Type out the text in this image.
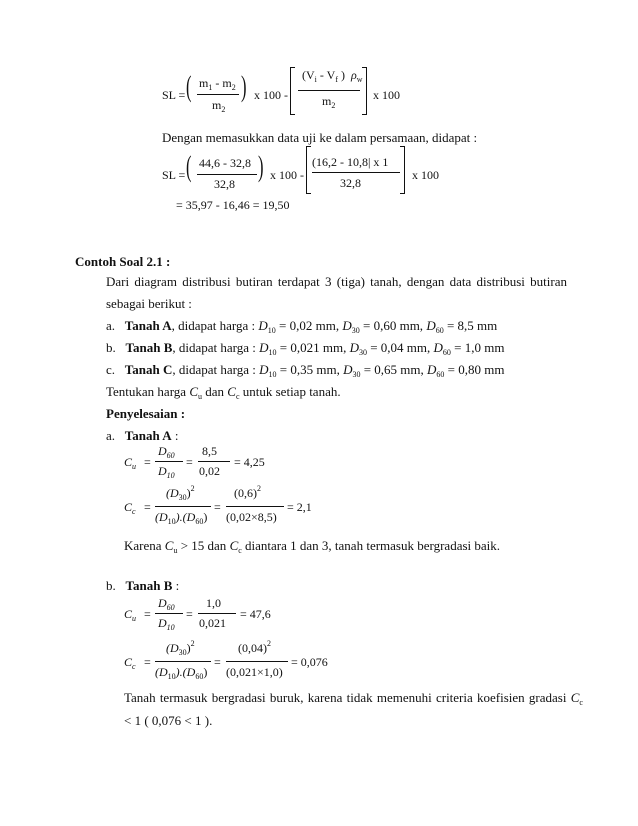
SL = ( $m_1 - m_2$
$m_2$
) x 100 -
($V_i - V_f$ )  $\rho_w$
$m_2$
x 100
Dengan memasukkan data uji ke dalam persamaan, didapat :
SL = ( 44,6 - 32,8
32,8
) x 100 -
(16,2 - 10,8| x 1
32,8
x 100
= 35,97 - 16,46 = 19,50
Contoh Soal 2.1 :
Dari diagram distribusi butiran terdapat 3 (tiga) tanah, dengan data distribusi butiran
sebagai berikut :
a. Tanah A, didapat harga : $D_{10} = 0,02$ mm, $D_{30} = 0,60$ mm, $D_{60} = 8,5$ mm
b. Tanah B, didapat harga : $D_{10} = 0,021$ mm, $D_{30} = 0,04$ mm, $D_{60} = 1,0$ mm
c. Tanah C, didapat harga : $D_{10} = 0,35$ mm, $D_{30} = 0,65$ mm, $D_{60} = 0,80$ mm
Tentukan harga $C_u$ dan $C_c$ untuk setiap tanah.
Penyelesaian :
a. Tanah A :
$C_u$ =
$D_{60}$
$D_{10}$
=
8,5
0,02
= 4,25
$C_c$ =
$(D_{30})^2$
$(D_{10}).(D_{60})$
=
$(0,6)^2$
(0,02×8,5)
= 2,1
Karena $C_u > 15$ dan $C_c$ diantara 1 dan 3, tanah termasuk bergradasi baik.
b. Tanah B :
$C_u$ =
$D_{60}$
$D_{10}$
=
1,0
0,021
= 47,6
$C_c$ =
$(D_{30})^2$
$(D_{10}).(D_{60})$
=
$(0,04)^2$
(0,021×1,0)
= 0,076
Tanah termasuk bergradasi buruk, karena tidak memenuhi criteria koefisien gradasi $C_c$
< 1 ( 0,076 < 1 ).
